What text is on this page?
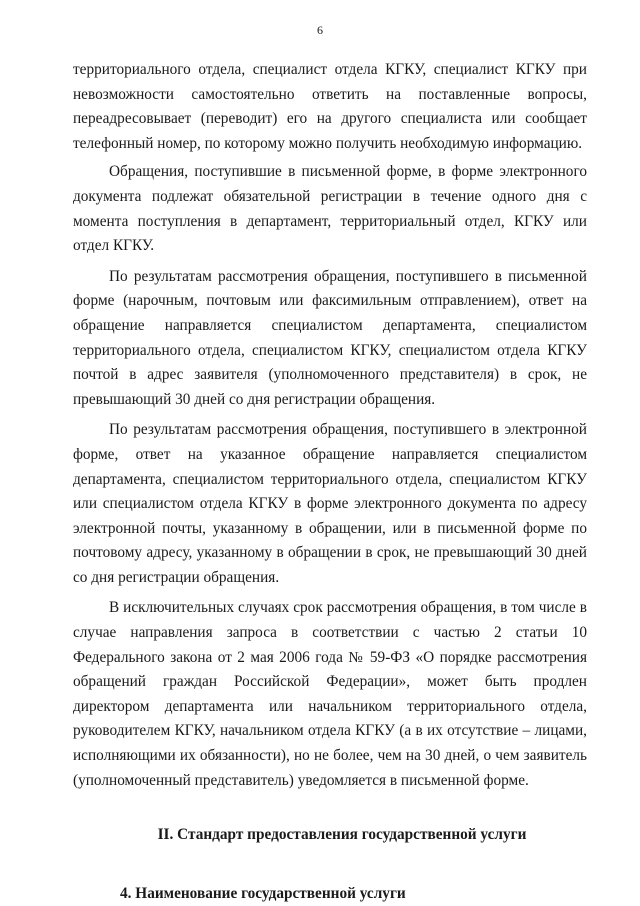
6

территориального отдела, специалист отдела КГКУ, специалист КГКУ при невозможности самостоятельно ответить на поставленные вопросы, переадресовывает (переводит) его на другого специалиста или сообщает телефонный номер, по которому можно получить необходимую информацию.

Обращения, поступившие в письменной форме, в форме электронного документа подлежат обязательной регистрации в течение одного дня с момента поступления в департамент, территориальный отдел, КГКУ или отдел КГКУ.

По результатам рассмотрения обращения, поступившего в письменной форме (нарочным, почтовым или факсимильным отправлением), ответ на обращение направляется специалистом департамента, специалистом территориального отдела, специалистом КГКУ, специалистом отдела КГКУ почтой в адрес заявителя (уполномоченного представителя) в срок, не превышающий 30 дней со дня регистрации обращения.

По результатам рассмотрения обращения, поступившего в электронной форме, ответ на указанное обращение направляется специалистом департамента, специалистом территориального отдела, специалистом КГКУ или специалистом отдела КГКУ в форме электронного документа по адресу электронной почты, указанному в обращении, или в письменной форме по почтовому адресу, указанному в обращении в срок, не превышающий 30 дней со дня регистрации обращения.

В исключительных случаях срок рассмотрения обращения, в том числе в случае направления запроса в соответствии с частью 2 статьи 10 Федерального закона от 2 мая 2006 года № 59-ФЗ «О порядке рассмотрения обращений граждан Российской Федерации», может быть продлен директором департамента или начальником территориального отдела, руководителем КГКУ, начальником отдела КГКУ (а в их отсутствие – лицами, исполняющими их обязанности), но не более, чем на 30 дней, о чем заявитель (уполномоченный представитель) уведомляется в письменной форме.

II. Стандарт предоставления государственной услуги
4. Наименование государственной услуги
